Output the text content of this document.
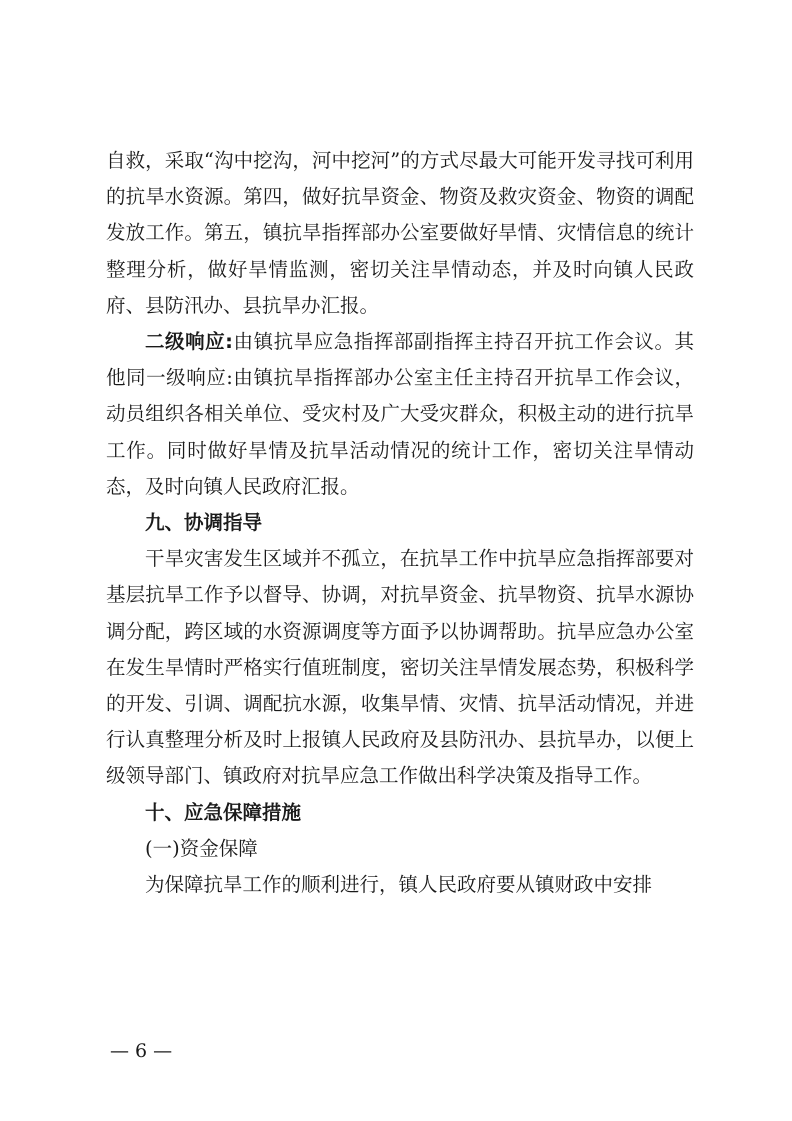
自救，采取“沟中挖沟，河中挖河”的方式尽最大可能开发寻找可利用的抗旱水资源。第四，做好抗旱资金、物资及救灾资金、物资的调配发放工作。第五，镇抗旱指挥部办公室要做好旱情、灾情信息的统计整理分析，做好旱情监测，密切关注旱情动态，并及时向镇人民政府、县防汛办、县抗旱办汇报。

二级响应:由镇抗旱应急指挥部副指挥主持召开抗工作会议。其他同一级响应:由镇抗旱指挥部办公室主任主持召开抗旱工作会议，动员组织各相关单位、受灾村及广大受灾群众，积极主动的进行抗旱工作。同时做好旱情及抗旱活动情况的统计工作，密切关注旱情动态，及时向镇人民政府汇报。

九、协调指导

干旱灾害发生区域并不孤立，在抗旱工作中抗旱应急指挥部要对基层抗旱工作予以督导、协调，对抗旱资金、抗旱物资、抗旱水源协调分配，跨区域的水资源调度等方面予以协调帮助。抗旱应急办公室在发生旱情时严格实行值班制度，密切关注旱情发展态势，积极科学的开发、引调、调配抗水源，收集旱情、灾情、抗旱活动情况，并进行认真整理分析及时上报镇人民政府及县防汛办、县抗旱办，以便上级领导部门、镇政府对抗旱应急工作做出科学决策及指导工作。

十、应急保障措施

(一)资金保障

为保障抗旱工作的顺利进行，镇人民政府要从镇财政中安排

— 6 —
